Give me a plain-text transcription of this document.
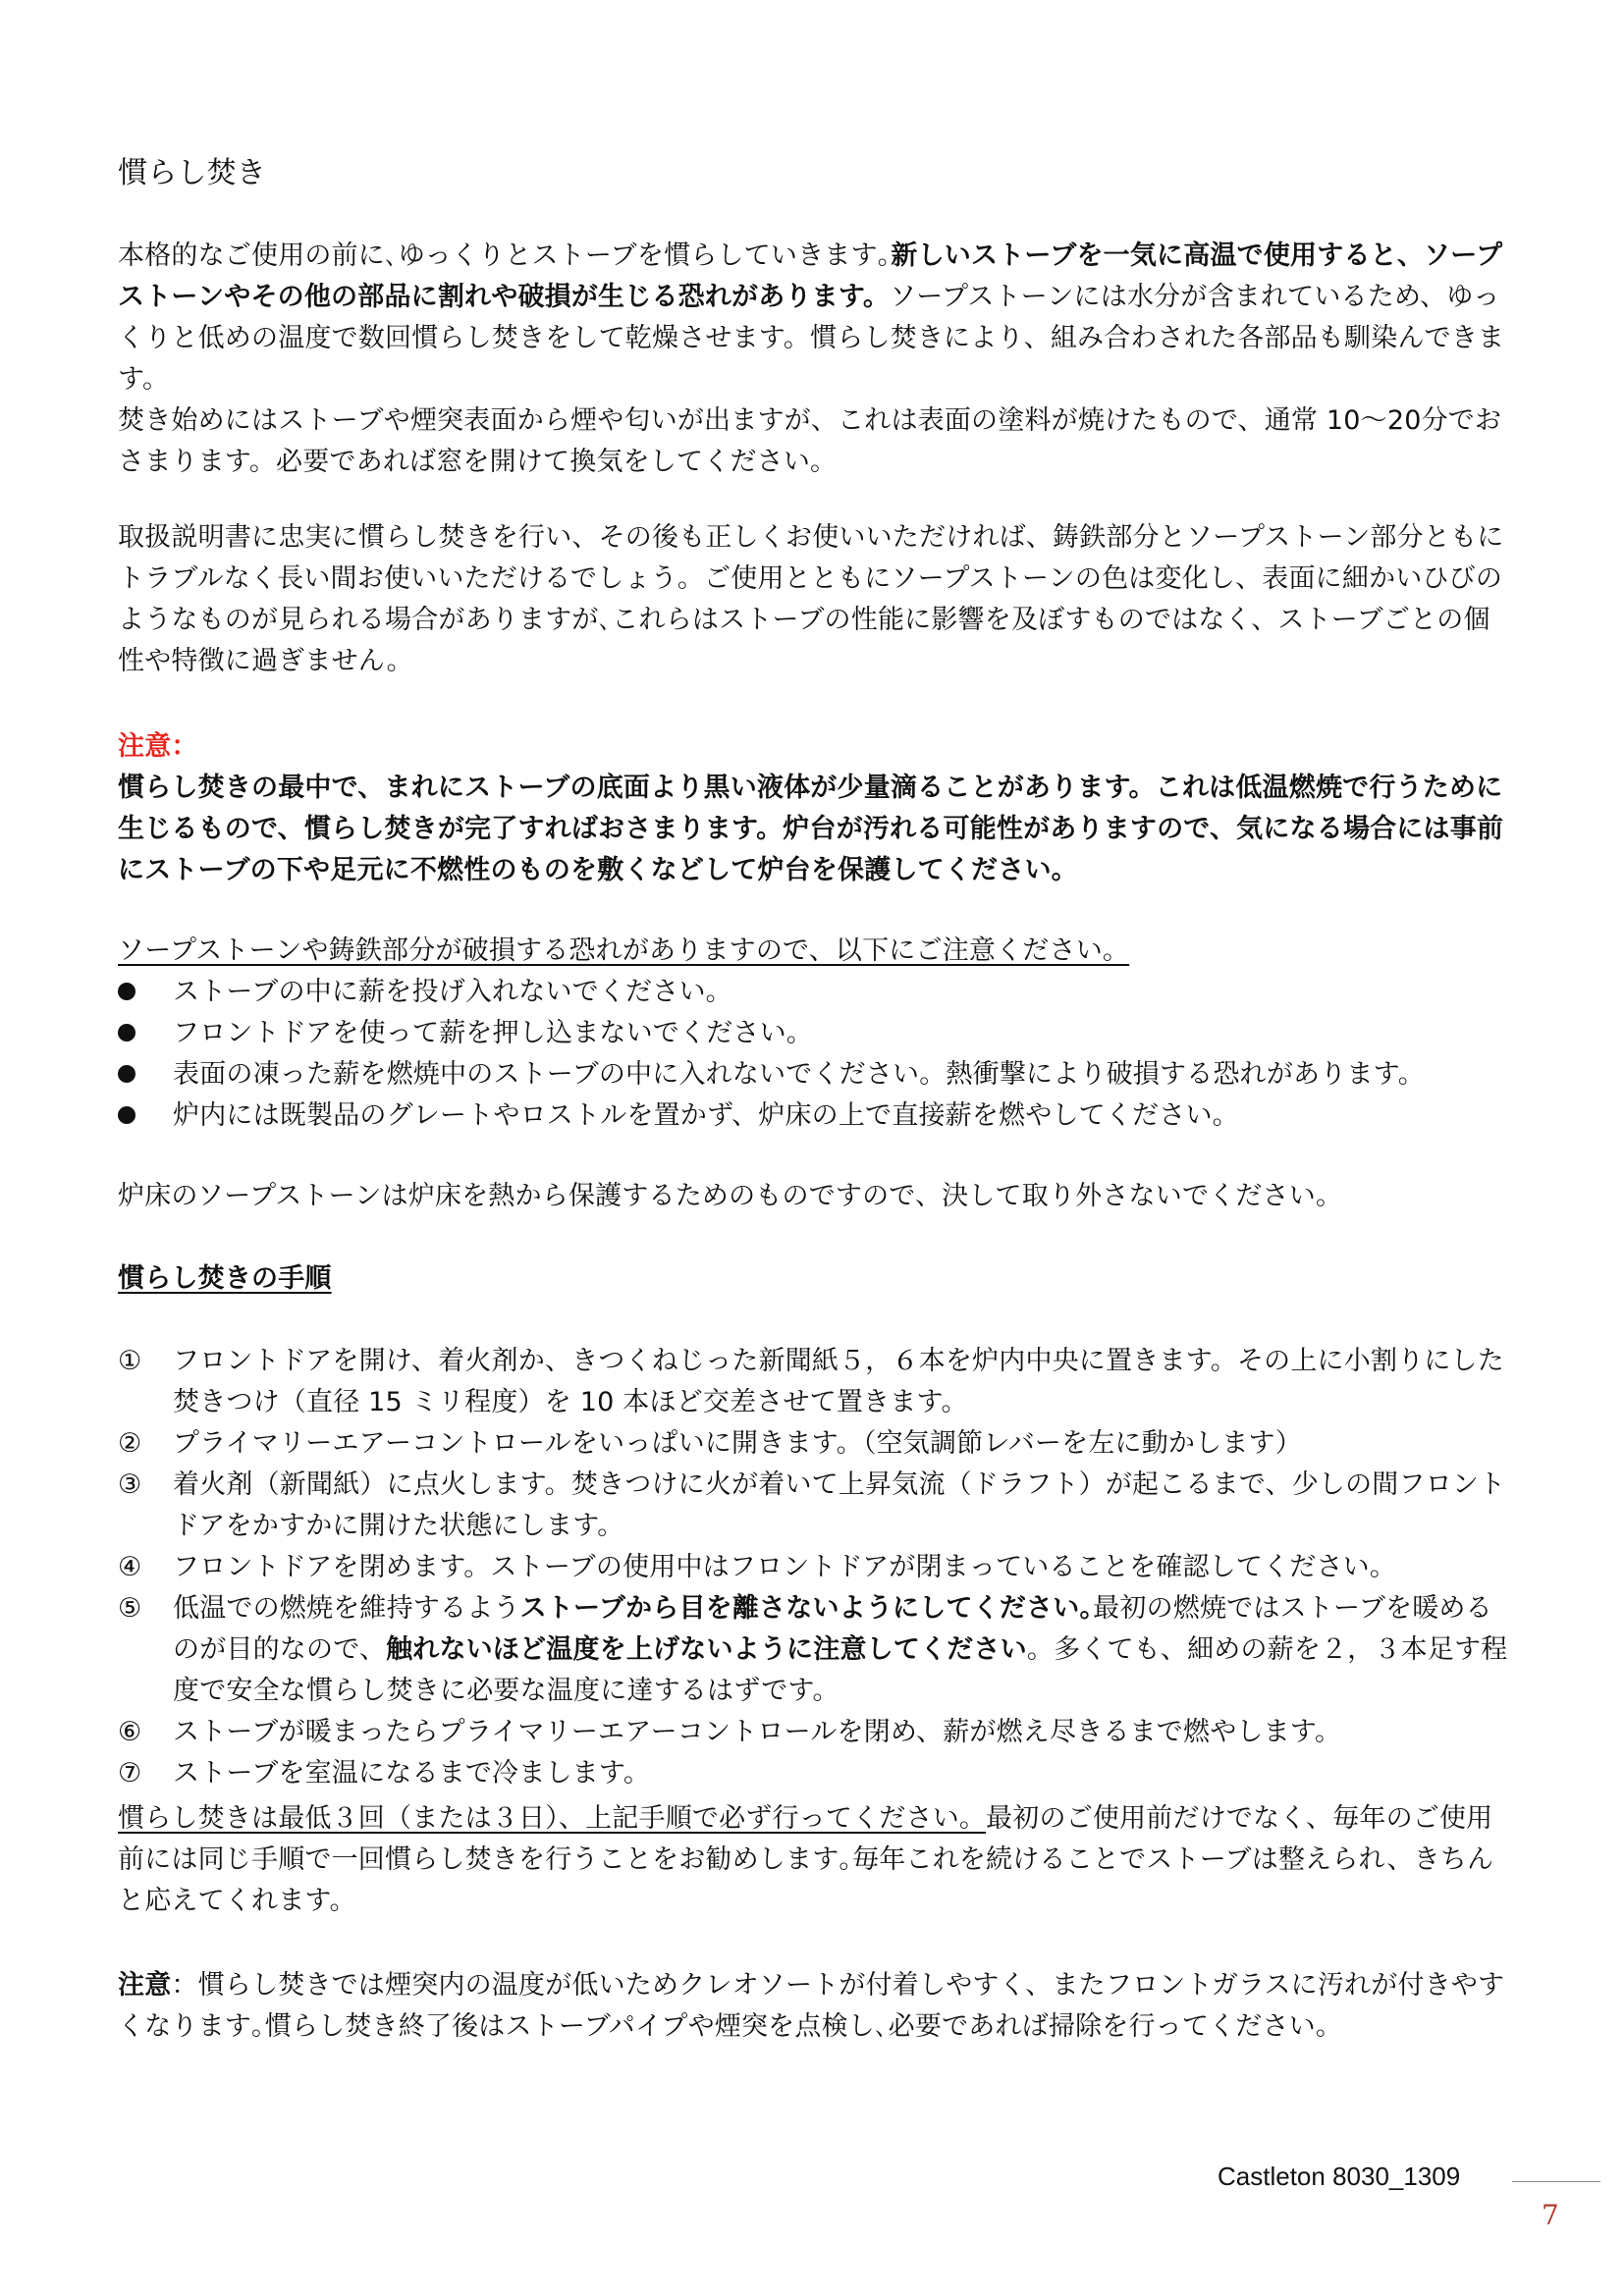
慣らし焚き
本格的なご使用の前に､ゆっくりとストーブを慣らしていきます｡新しいストーブを一気に高温で使用すると、ソープストーンやその他の部品に割れや破損が生じる恐れがあります。ソープストーンには水分が含まれているため、ゆっくりと低めの温度で数回慣らし焚きをして乾燥させます。慣らし焚きにより、組み合わされた各部品も馴染んできます。
焚き始めにはストーブや煙突表面から煙や匂いが出ますが、これは表面の塗料が焼けたもので、通常 10〜20分でおさまります。必要であれば窓を開けて換気をしてください。
取扱説明書に忠実に慣らし焚きを行い、その後も正しくお使いいただければ、鋳鉄部分とソープストーン部分ともにトラブルなく長い間お使いいただけるでしょう。ご使用とともにソープストーンの色は変化し、表面に細かいひびのようなものが見られる場合がありますが､これらはストーブの性能に影響を及ぼすものではなく、ストーブごとの個性や特徴に過ぎません。
注意：
慣らし焚きの最中で、まれにストーブの底面より黒い液体が少量滴ることがあります。これは低温燃焼で行うために生じるもので、慣らし焚きが完了すればおさまります。炉台が汚れる可能性がありますので、気になる場合には事前にストーブの下や足元に不燃性のものを敷くなどして炉台を保護してください。
ソープストーンや鋳鉄部分が破損する恐れがありますので、以下にご注意ください。
ストーブの中に薪を投げ入れないでください。
フロントドアを使って薪を押し込まないでください。
表面の凍った薪を燃焼中のストーブの中に入れないでください。熱衝撃により破損する恐れがあります。
炉内には既製品のグレートやロストルを置かず、炉床の上で直接薪を燃やしてください。
炉床のソープストーンは炉床を熱から保護するためのものですので、決して取り外さないでください。
慣らし焚きの手順
① フロントドアを開け、着火剤か、きつくねじった新聞紙５，６本を炉内中央に置きます。その上に小割りにした焚きつけ（直径 15 ミリ程度）を 10 本ほど交差させて置きます。
② プライマリーエアーコントロールをいっぱいに開きます。（空気調節レバーを左に動かします）
③ 着火剤（新聞紙）に点火します。焚きつけに火が着いて上昇気流（ドラフト）が起こるまで、少しの間フロントドアをかすかに開けた状態にします。
④ フロントドアを閉めます。ストーブの使用中はフロントドアが閉まっていることを確認してください。
⑤ 低温での燃焼を維持するようストーブから目を離さないようにしてください｡最初の燃焼ではストーブを暖めるのが目的なので、触れないほど温度を上げないように注意してください。多くても、細めの薪を２，３本足す程度で安全な慣らし焚きに必要な温度に達するはずです。
⑥ ストーブが暖まったらプライマリーエアーコントロールを閉め、薪が燃え尽きるまで燃やします。
⑦ ストーブを室温になるまで冷まします。
慣らし焚きは最低３回（または３日）、上記手順で必ず行ってください。最初のご使用前だけでなく、毎年のご使用前には同じ手順で一回慣らし焚きを行うことをお勧めします｡毎年これを続けることでストーブは整えられ、きちんと応えてくれます。
注意：慣らし焚きでは煙突内の温度が低いためクレオソートが付着しやすく、またフロントガラスに汚れが付きやすくなります｡慣らし焚き終了後はストーブパイプや煙突を点検し､必要であれば掃除を行ってください。
Castleton 8030_1309
7
